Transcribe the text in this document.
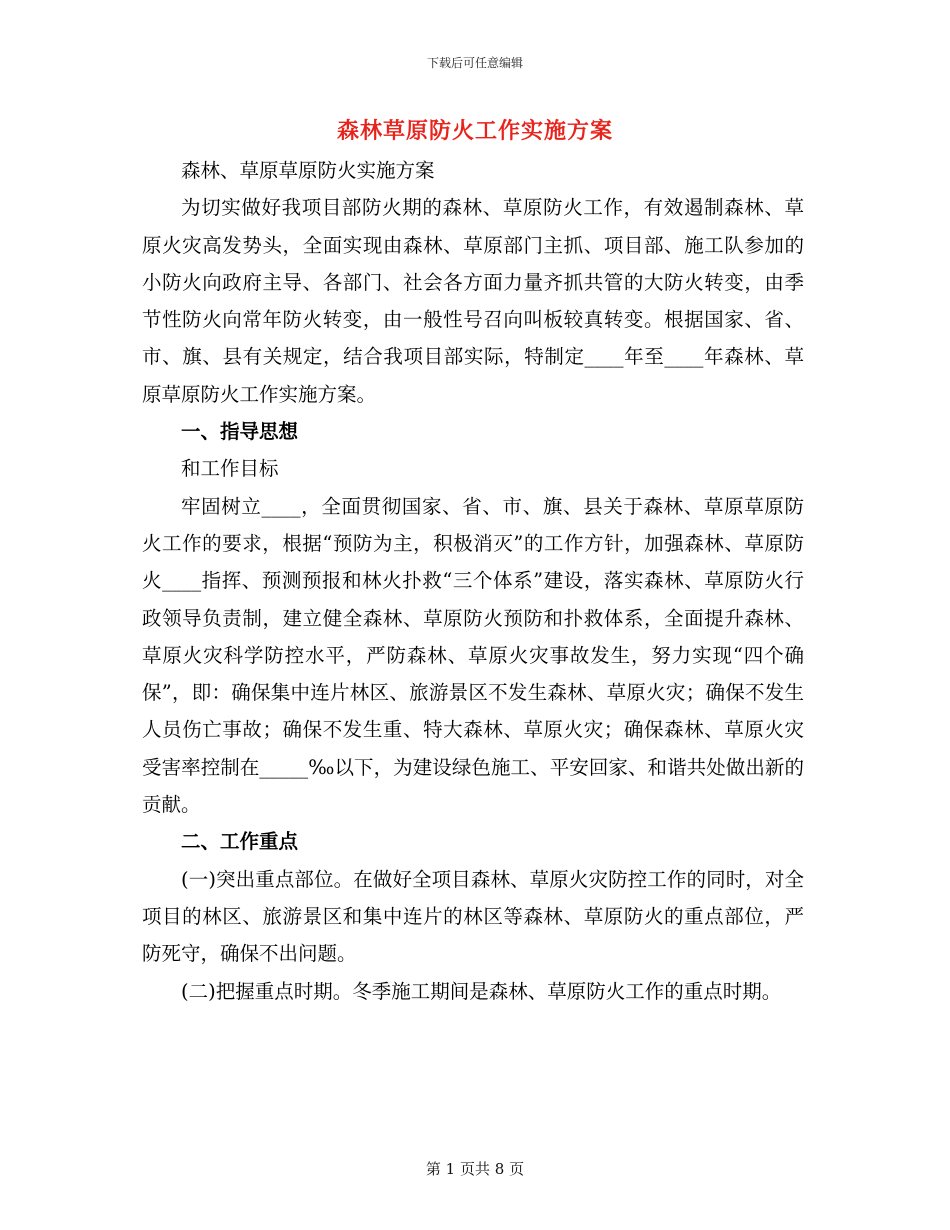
下载后可任意编辑
森林草原防火工作实施方案

森林、草原草原防火实施方案

为切实做好我项目部防火期的森林、草原防火工作，有效遏制森林、草原火灾高发势头，全面实现由森林、草原部门主抓、项目部、施工队参加的小防火向政府主导、各部门、社会各方面力量齐抓共管的大防火转变，由季节性防火向常年防火转变，由一般性号召向叫板较真转变。根据国家、省、市、旗、县有关规定，结合我项目部实际，特制定____年至____年森林、草原草原防火工作实施方案。

一、指导思想

和工作目标

牢固树立____，全面贯彻国家、省、市、旗、县关于森林、草原草原防火工作的要求，根据“预防为主，积极消灭”的工作方针，加强森林、草原防火____指挥、预测预报和林火扑救“三个体系”建设，落实森林、草原防火行政领导负责制，建立健全森林、草原防火预防和扑救体系，全面提升森林、草原火灾科学防控水平，严防森林、草原火灾事故发生，努力实现“四个确保”，即：确保集中连片林区、旅游景区不发生森林、草原火灾；确保不发生人员伤亡事故；确保不发生重、特大森林、草原火灾；确保森林、草原火灾受害率控制在_____‰以下，为建设绿色施工、平安回家、和谐共处做出新的贡献。

二、工作重点

(一)突出重点部位。在做好全项目森林、草原火灾防控工作的同时，对全项目的林区、旅游景区和集中连片的林区等森林、草原防火的重点部位，严防死守，确保不出问题。

(二)把握重点时期。冬季施工期间是森林、草原防火工作的重点时期。

第 1 页共 8 页
